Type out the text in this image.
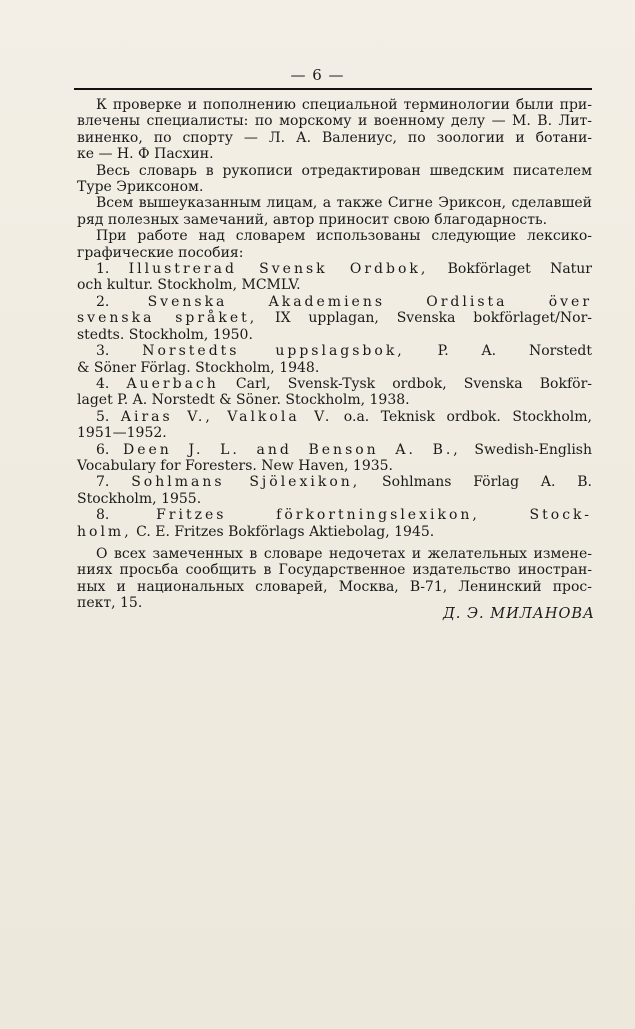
— 6 —
К проверке и пополнению специальной терминологии были при-
влечены специалисты: по морскому и военному делу — М. В. Лит-
виненко, по спорту — Л. А. Валениус, по зоологии и ботани-
ке — Н. Ф Пасхин.
Весь словарь в рукописи отредактирован шведским писателем
Туре Эриксоном.
Всем вышеуказанным лицам, а также Сигне Эриксон, сделавшей
ряд полезных замечаний, автор приносит свою благодарность.
При работе над словарем использованы следующие лексико-
графические пособия:
1. Illustrerad Svensk Ordbok, Bokförlaget Natur
och kultur. Stockholm, MCMLV.
2.	Svenska Akademiens Ordlista över
svenska språket, IX upplagan, Svenska bokförlaget/Nor-
stedts. Stockholm, 1950.
3. Norstedts uppslagsbok, P. A. Norstedt
& Söner Förlag. Stockholm, 1948.
4. Auerbach Carl, Svensk-Tysk ordbok, Svenska Bokför-
laget P. A. Norstedt & Söner. Stockholm, 1938.
5. Airas V., Valkola V. o.a. Teknisk ordbok. Stockholm,
1951—1952.
6. Deen J. L. and Benson A. B., Swedish-English
Vocabulary for Foresters. New Haven, 1935.
7. Sohlmans Sjölexikon, Sohlmans Förlag A. B.
Stockholm, 1955.
8.	Fritzes förkortningslexikon, Stock-
holm, C. E. Fritzes Bokförlags Aktiebolag, 1945.
О всех замеченных в словаре недочетах и желательных измене-
ниях просьба сообщить в Государственное издательство иностран-
ных и национальных словарей, Москва, В-71, Ленинский прос-
пект, 15.
Д. Э. МИЛАНОВА
